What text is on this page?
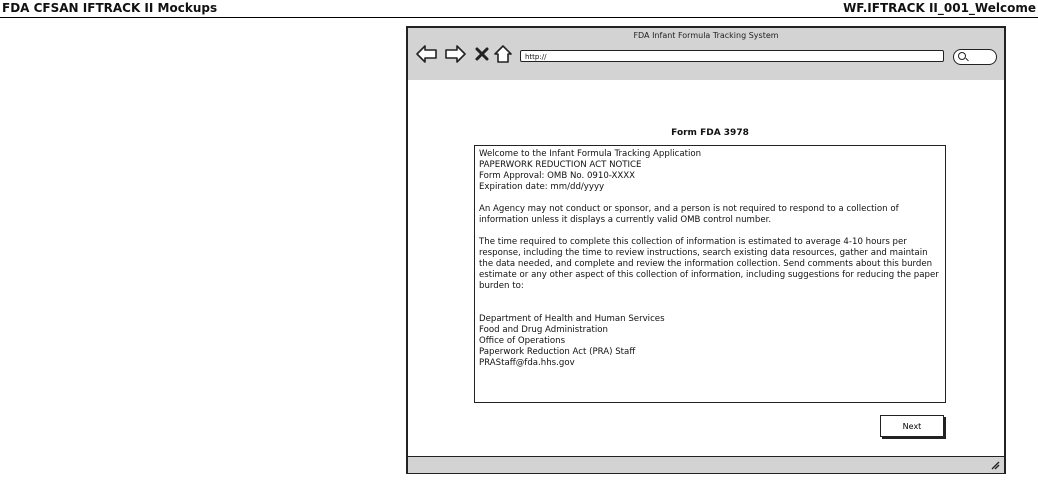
FDA CFSAN IFTRACK II Mockups	WF.IFTRACK II_001_Welcome
FDA Infant Formula Tracking System
http://
Form FDA 3978

Welcome to the Infant Formula Tracking Application

PAPERWORK REDUCTION ACT NOTICE

Form Approval: OMB No. 0910-XXXX

Expiration date: mm/dd/yyyy

An Agency may not conduct or sponsor, and a person is not required to respond to a collection of information unless it displays a currently valid OMB control number.

The time required to complete this collection of information is estimated to average 4-10 hours per response, including the time to review instructions, search existing data resources, gather and maintain the data needed, and complete and review the information collection. Send comments about this burden estimate or any other aspect of this collection of information, including suggestions for reducing the paper burden to:

Department of Health and Human Services

Food and Drug Administration

Office of Operations

Paperwork Reduction Act (PRA) Staff

PRAStaff@fda.hhs.gov

Next
